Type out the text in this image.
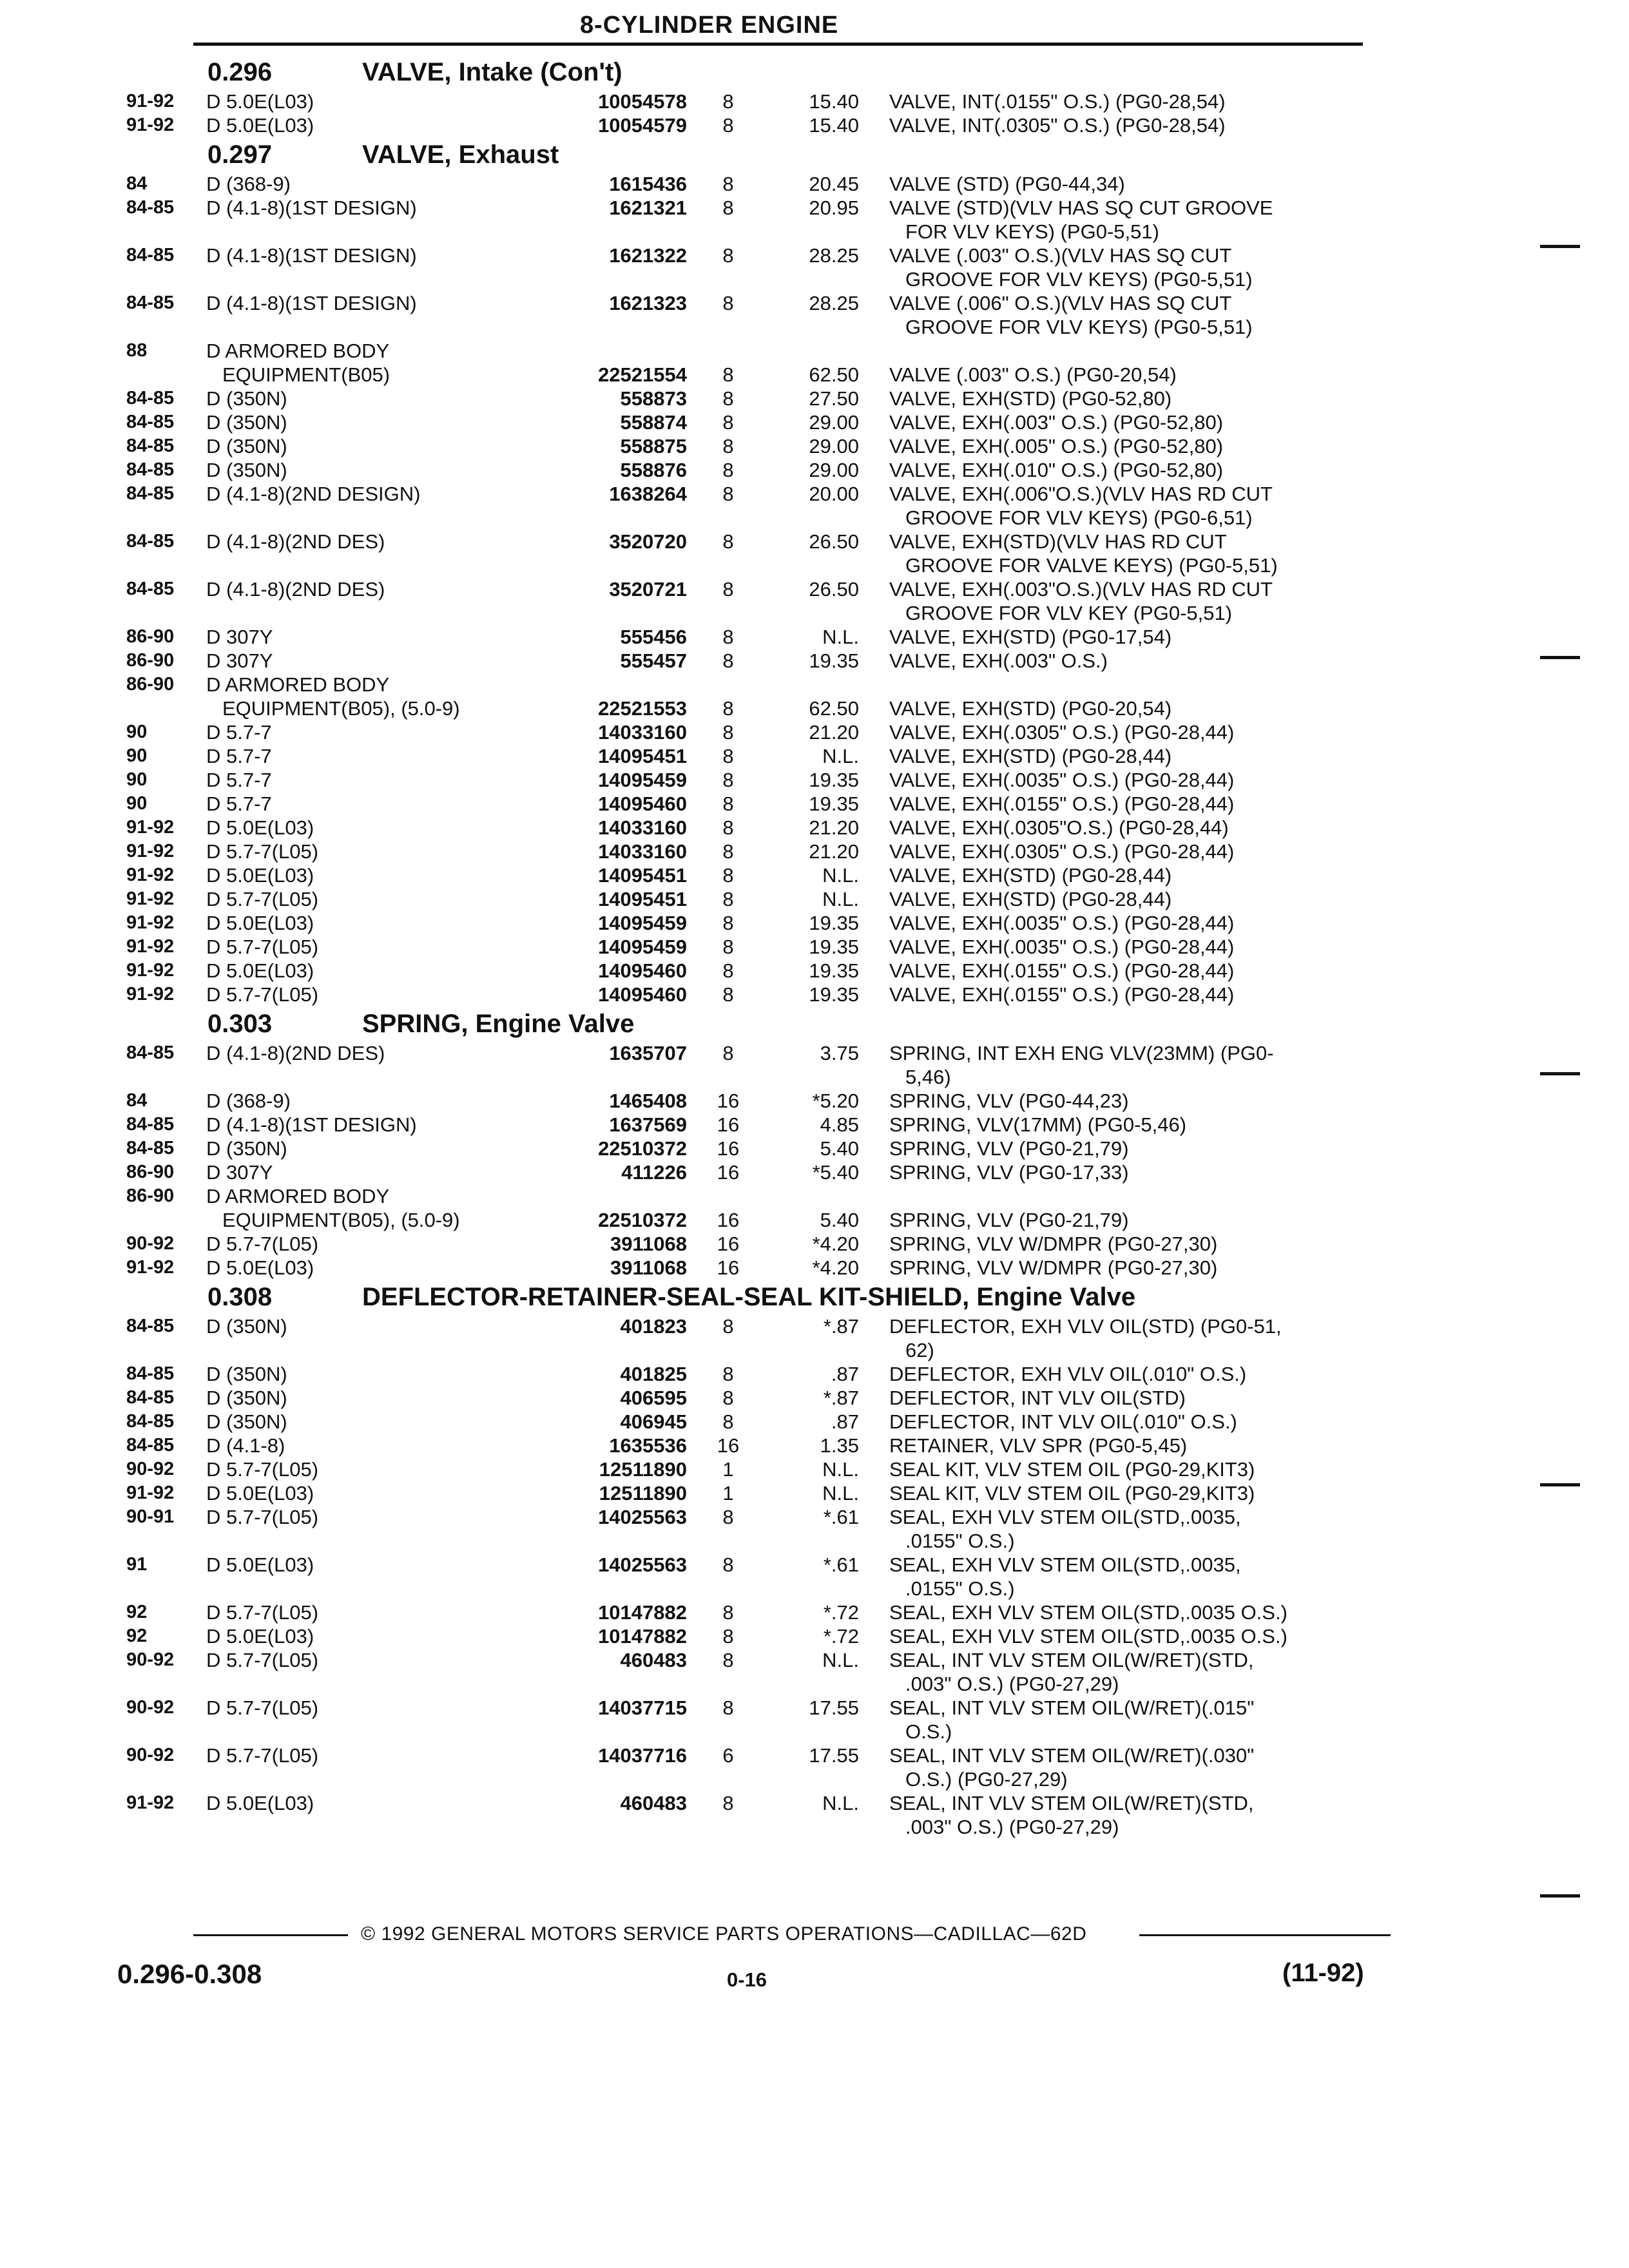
8-CYLINDER ENGINE
0.296	VALVE, Intake (Con't)
91-92 D 5.0E(L03)	10054578	8	15.40 VALVE, INT(.0155" O.S.) (PG0-28,54)
91-92 D 5.0E(L03)	10054579	8	15.40 VALVE, INT(.0305" O.S.) (PG0-28,54)
0.297	VALVE, Exhaust
84	D (368-9)	1615436	8	20.45 VALVE (STD) (PG0-44,34)
84-85 D (4.1-8)(1ST DESIGN)	1621321	8	20.95 VALVE (STD)(VLV HAS SQ CUT GROOVE
FOR VLV KEYS) (PG0-5,51)
84-85 D (4.1-8)(1ST DESIGN)	1621322	8	28.25 VALVE (.003" O.S.)(VLV HAS SQ CUT
GROOVE FOR VLV KEYS) (PG0-5,51)
84-85 D (4.1-8)(1ST DESIGN)	1621323	8	28.25 VALVE (.006" O.S.)(VLV HAS SQ CUT
GROOVE FOR VLV KEYS) (PG0-5,51)
88	D ARMORED BODY
EQUIPMENT(B05)	22521554	8	62.50 VALVE (.003" O.S.) (PG0-20,54)
84-85 D (350N)	558873	8	27.50 VALVE, EXH(STD) (PG0-52,80)
84-85 D (350N)	558874	8	29.00 VALVE, EXH(.003" O.S.) (PG0-52,80)
84-85 D (350N)	558875	8	29.00 VALVE, EXH(.005" O.S.) (PG0-52,80)
84-85 D (350N)	558876	8	29.00 VALVE, EXH(.010" O.S.) (PG0-52,80)
84-85 D (4.1-8)(2ND DESIGN)	1638264	8	20.00 VALVE, EXH(.006"O.S.)(VLV HAS RD CUT
GROOVE FOR VLV KEYS) (PG0-6,51)
84-85 D (4.1-8)(2ND DES)	3520720	8	26.50 VALVE, EXH(STD)(VLV HAS RD CUT
GROOVE FOR VALVE KEYS) (PG0-5,51)
84-85 D (4.1-8)(2ND DES)	3520721	8	26.50 VALVE, EXH(.003"O.S.)(VLV HAS RD CUT
GROOVE FOR VLV KEY (PG0-5,51)
86-90 D 307Y	555456	8	N.L. VALVE, EXH(STD) (PG0-17,54)
86-90 D 307Y	555457	8	19.35 VALVE, EXH(.003" O.S.)
86-90 D ARMORED BODY
EQUIPMENT(B05), (5.0-9)	22521553	8	62.50 VALVE, EXH(STD) (PG0-20,54)
90	D 5.7-7	14033160	8	21.20 VALVE, EXH(.0305" O.S.) (PG0-28,44)
90	D 5.7-7	14095451	8	N.L. VALVE, EXH(STD) (PG0-28,44)
90	D 5.7-7	14095459	8	19.35 VALVE, EXH(.0035" O.S.) (PG0-28,44)
90	D 5.7-7	14095460	8	19.35 VALVE, EXH(.0155" O.S.) (PG0-28,44)
91-92 D 5.0E(L03)	14033160	8	21.20 VALVE, EXH(.0305"O.S.) (PG0-28,44)
91-92 D 5.7-7(L05)	14033160	8	21.20 VALVE, EXH(.0305" O.S.) (PG0-28,44)
91-92 D 5.0E(L03)	14095451	8	N.L. VALVE, EXH(STD) (PG0-28,44)
91-92 D 5.7-7(L05)	14095451	8	N.L. VALVE, EXH(STD) (PG0-28,44)
91-92 D 5.0E(L03)	14095459	8	19.35 VALVE, EXH(.0035" O.S.) (PG0-28,44)
91-92 D 5.7-7(L05)	14095459	8	19.35 VALVE, EXH(.0035" O.S.) (PG0-28,44)
91-92 D 5.0E(L03)	14095460	8	19.35 VALVE, EXH(.0155" O.S.) (PG0-28,44)
91-92 D 5.7-7(L05)	14095460	8	19.35 VALVE, EXH(.0155" O.S.) (PG0-28,44)
0.303	SPRING, Engine Valve
84-85 D (4.1-8)(2ND DES)	1635707	8	3.75 SPRING, INT EXH ENG VLV(23MM) (PG0-
5,46)
84	D (368-9)	1465408 16	*5.20 SPRING, VLV (PG0-44,23)
84-85 D (4.1-8)(1ST DESIGN)	1637569 16	4.85 SPRING, VLV(17MM) (PG0-5,46)
84-85 D (350N)	22510372 16	5.40 SPRING, VLV (PG0-21,79)
86-90 D 307Y	411226 16	*5.40 SPRING, VLV (PG0-17,33)
86-90 D ARMORED BODY
EQUIPMENT(B05), (5.0-9)	22510372 16	5.40 SPRING, VLV (PG0-21,79)
90-92 D 5.7-7(L05)	3911068 16	*4.20 SPRING, VLV W/DMPR (PG0-27,30)
91-92 D 5.0E(L03)	3911068 16	*4.20 SPRING, VLV W/DMPR (PG0-27,30)
0.308	DEFLECTOR-RETAINER-SEAL-SEAL KIT-SHIELD, Engine Valve
84-85 D (350N)	401823	8	*.87 DEFLECTOR, EXH VLV OIL(STD) (PG0-51,
62)
84-85 D (350N)	401825	8	.87 DEFLECTOR, EXH VLV OIL(.010" O.S.)
84-85 D (350N)	406595	8	*.87 DEFLECTOR, INT VLV OIL(STD)
84-85 D (350N)	406945	8	.87 DEFLECTOR, INT VLV OIL(.010" O.S.)
84-85 D (4.1-8)	1635536 16	1.35 RETAINER, VLV SPR (PG0-5,45)
90-92 D 5.7-7(L05)	12511890	1	N.L. SEAL KIT, VLV STEM OIL (PG0-29,KIT3)
91-92 D 5.0E(L03)	12511890	1	N.L. SEAL KIT, VLV STEM OIL (PG0-29,KIT3)
90-91 D 5.7-7(L05)	14025563	8	*.61 SEAL, EXH VLV STEM OIL(STD,.0035,
.0155" O.S.)
91	D 5.0E(L03)	14025563	8	*.61 SEAL, EXH VLV STEM OIL(STD,.0035,
.0155" O.S.)
92	D 5.7-7(L05)	10147882	8	*.72 SEAL, EXH VLV STEM OIL(STD,.0035 O.S.)
92	D 5.0E(L03)	10147882	8	*.72 SEAL, EXH VLV STEM OIL(STD,.0035 O.S.)
90-92 D 5.7-7(L05)	460483	8	N.L. SEAL, INT VLV STEM OIL(W/RET)(STD,
.003" O.S.) (PG0-27,29)
90-92 D 5.7-7(L05)	14037715	8	17.55 SEAL, INT VLV STEM OIL(W/RET)(.015"
O.S.)
90-92 D 5.7-7(L05)	14037716	6	17.55 SEAL, INT VLV STEM OIL(W/RET)(.030"
O.S.) (PG0-27,29)
91-92 D 5.0E(L03)	460483	8	N.L. SEAL, INT VLV STEM OIL(W/RET)(STD,
.003" O.S.) (PG0-27,29)
© 1992 GENERAL MOTORS SERVICE PARTS OPERATIONS—CADILLAC—62D
0.296-0.308	0-16	(11-92)
